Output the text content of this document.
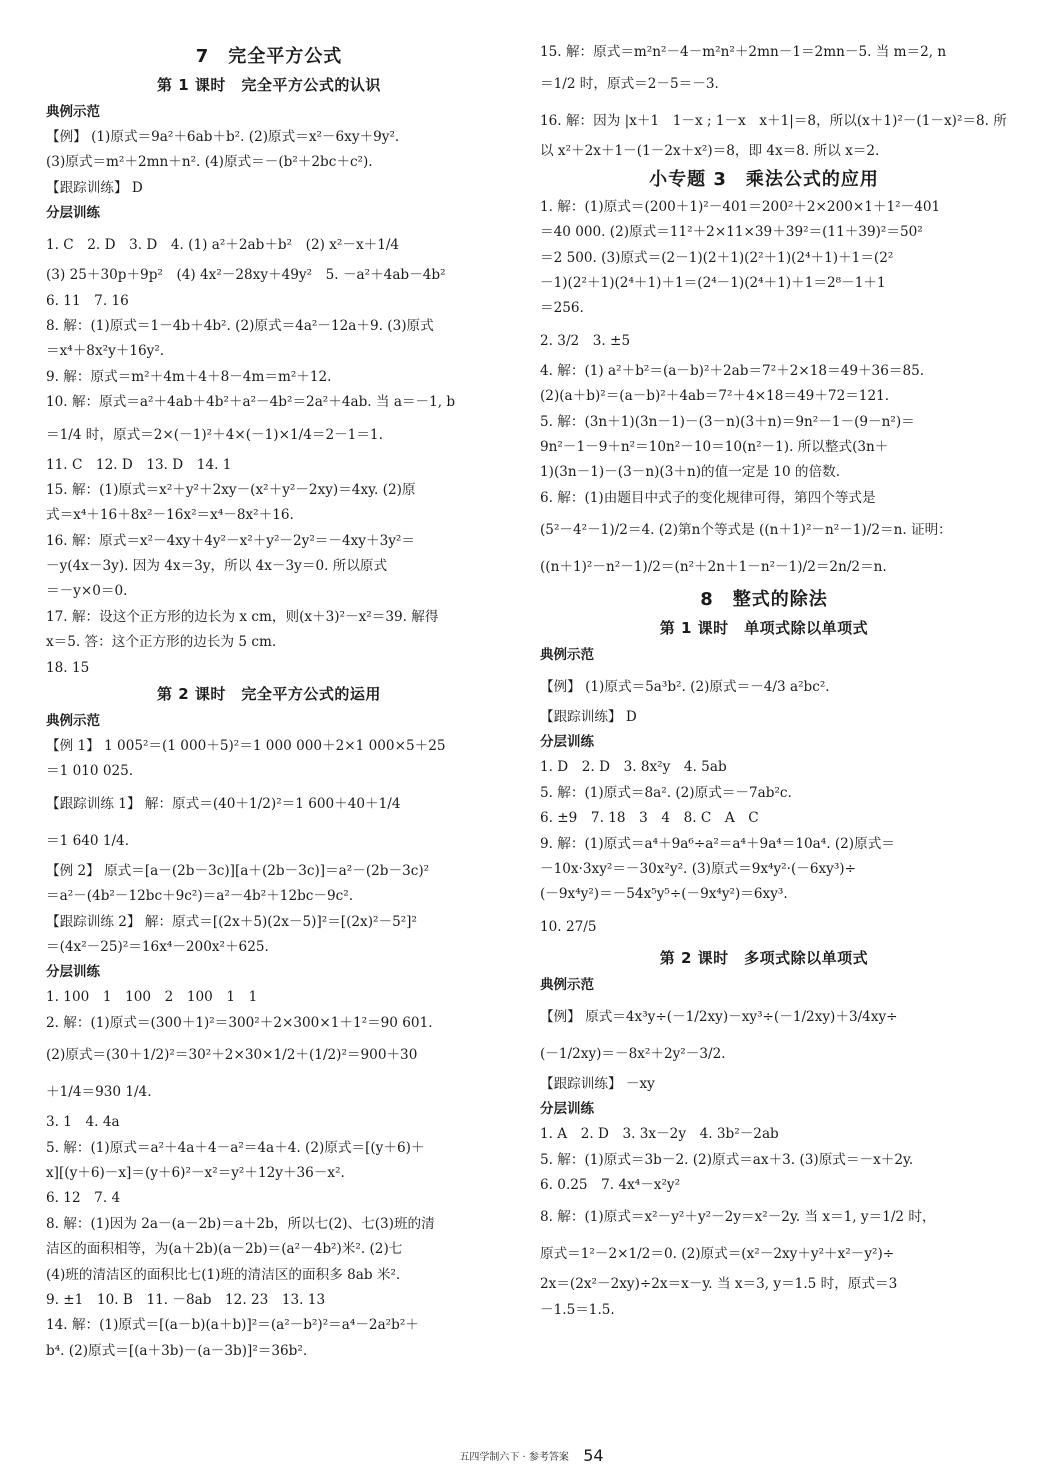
7　完全平方公式
第 1 课时　完全平方公式的认识
典例示范
【例】 (1)原式＝9a²＋6ab＋b². (2)原式＝x²－6xy＋9y².
(3)原式＝m²＋2mn＋n². (4)原式＝－(b²＋2bc＋c²).
【跟踪训练】 D
分层训练
1. C　2. D　3. D　4. (1) a²＋2ab＋b²　(2) x²－x＋1/4
(3) 25＋30p＋9p²　(4) 4x²－28xy＋49y²　5. －a²＋4ab－4b²
6. 11　7. 16
8. 解：(1)原式＝1－4b＋4b². (2)原式＝4a²－12a＋9. (3)原式
＝x⁴＋8x²y＋16y².
9. 解：原式＝m²＋4m＋4＋8－4m＝m²＋12.
10. 解：原式＝a²＋4ab＋4b²＋a²－4b²＝2a²＋4ab. 当 a＝－1, b
＝1/4 时，原式＝2×(－1)²＋4×(－1)×1/4＝2－1＝1.
11. C　12. D　13. D　14. 1
15. 解：(1)原式＝x²＋y²＋2xy－(x²＋y²－2xy)＝4xy. (2)原
式＝x⁴＋16＋8x²－16x²＝x⁴－8x²＋16.
16. 解：原式＝x²－4xy＋4y²－x²＋y²－2y²＝－4xy＋3y²＝
－y(4x－3y). 因为 4x＝3y，所以 4x－3y＝0. 所以原式
＝－y×0＝0.
17. 解：设这个正方形的边长为 x cm，则(x＋3)²－x²＝39. 解得
x＝5. 答：这个正方形的边长为 5 cm.
18. 15
第 2 课时　完全平方公式的运用
典例示范
【例 1】 1 005²＝(1 000＋5)²＝1 000 000＋2×1 000×5＋25
＝1 010 025.
【跟踪训练 1】 解：原式＝(40＋1/2)²＝1 600＋40＋1/4
＝1 640 1/4.
【例 2】 原式＝[a－(2b－3c)][a＋(2b－3c)]＝a²－(2b－3c)²
＝a²－(4b²－12bc＋9c²)＝a²－4b²＋12bc－9c².
【跟踪训练 2】 解：原式＝[(2x＋5)(2x－5)]²＝[(2x)²－5²]²
＝(4x²－25)²＝16x⁴－200x²＋625.
分层训练
1. 100　1　100　2　100　1　1
2. 解：(1)原式＝(300＋1)²＝300²＋2×300×1＋1²＝90 601.
(2)原式＝(30＋1/2)²＝30²＋2×30×1/2＋(1/2)²＝900＋30
＋1/4＝930 1/4.
3. 1　4. 4a
5. 解：(1)原式＝a²＋4a＋4－a²＝4a＋4. (2)原式＝[(y＋6)＋
x][(y＋6)－x]＝(y＋6)²－x²＝y²＋12y＋36－x².
6. 12　7. 4
8. 解：(1)因为 2a－(a－2b)＝a＋2b，所以七(2)、七(3)班的清
洁区的面积相等，为(a＋2b)(a－2b)＝(a²－4b²)米². (2)七
(4)班的清洁区的面积比七(1)班的清洁区的面积多 8ab 米².
9. ±1　10. B　11. －8ab　12. 23　13. 13
14. 解：(1)原式＝[(a－b)(a＋b)]²＝(a²－b²)²＝a⁴－2a²b²＋
b⁴. (2)原式＝[(a＋3b)－(a－3b)]²＝36b².
15. 解：原式＝m²n²－4－m²n²＋2mn－1＝2mn－5. 当 m＝2, n
＝1/2 时，原式＝2－5＝－3.
16. 解：因为 |x＋1　1－x ; 1－x　x＋1|＝8，所以(x＋1)²－(1－x)²＝8. 所
以 x²＋2x＋1－(1－2x＋x²)＝8，即 4x＝8. 所以 x＝2.
小专题 3　乘法公式的应用
1. 解：(1)原式＝(200＋1)²－401＝200²＋2×200×1＋1²－401
＝40 000. (2)原式＝11²＋2×11×39＋39²＝(11＋39)²＝50²
＝2 500. (3)原式＝(2－1)(2＋1)(2²＋1)(2⁴＋1)＋1＝(2²
－1)(2²＋1)(2⁴＋1)＋1＝(2⁴－1)(2⁴＋1)＋1＝2⁸－1＋1
＝256.
2. 3/2　3. ±5
4. 解：(1) a²＋b²＝(a－b)²＋2ab＝7²＋2×18＝49＋36＝85.
(2)(a＋b)²＝(a－b)²＋4ab＝7²＋4×18＝49＋72＝121.
5. 解：(3n＋1)(3n－1)－(3－n)(3＋n)＝9n²－1－(9－n²)＝
9n²－1－9＋n²＝10n²－10＝10(n²－1). 所以整式(3n＋
1)(3n－1)－(3－n)(3＋n)的值一定是 10 的倍数.
6. 解：(1)由题目中式子的变化规律可得，第四个等式是
(5²－4²－1)/2＝4. (2)第n个等式是 ((n＋1)²－n²－1)/2＝n. 证明：
((n＋1)²－n²－1)/2＝(n²＋2n＋1－n²－1)/2＝2n/2＝n.
8　整式的除法
第 1 课时　单项式除以单项式
典例示范
【例】 (1)原式＝5a³b². (2)原式＝－4/3 a²bc².
【跟踪训练】 D
分层训练
1. D　2. D　3. 8x²y　4. 5ab
5. 解：(1)原式＝8a². (2)原式＝－7ab²c.
6. ±9　7. 18　3　4　8. C　A　C
9. 解：(1)原式＝a⁴＋9a⁶÷a²＝a⁴＋9a⁴＝10a⁴. (2)原式＝
－10x·3xy²＝－30x²y². (3)原式＝9x⁴y²·(－6xy³)÷
(－9x⁴y²)＝－54x⁵y⁵÷(－9x⁴y²)＝6xy³.
10. 27/5
第 2 课时　多项式除以单项式
典例示范
【例】 原式＝4x³y÷(－1/2xy)－xy³÷(－1/2xy)＋3/4xy÷
(－1/2xy)＝－8x²＋2y²－3/2.
【跟踪训练】 －xy
分层训练
1. A　2. D　3. 3x－2y　4. 3b²－2ab
5. 解：(1)原式＝3b－2. (2)原式＝ax＋3. (3)原式＝－x＋2y.
6. 0.25　7. 4x⁴－x²y²
8. 解：(1)原式＝x²－y²＋y²－2y＝x²－2y. 当 x＝1, y＝1/2 时，
原式＝1²－2×1/2＝0. (2)原式＝(x²－2xy＋y²＋x²－y²)÷
2x＝(2x²－2xy)÷2x＝x－y. 当 x＝3, y＝1.5 时，原式＝3
－1.5＝1.5.
五四学制六下 · 参考答案 54
